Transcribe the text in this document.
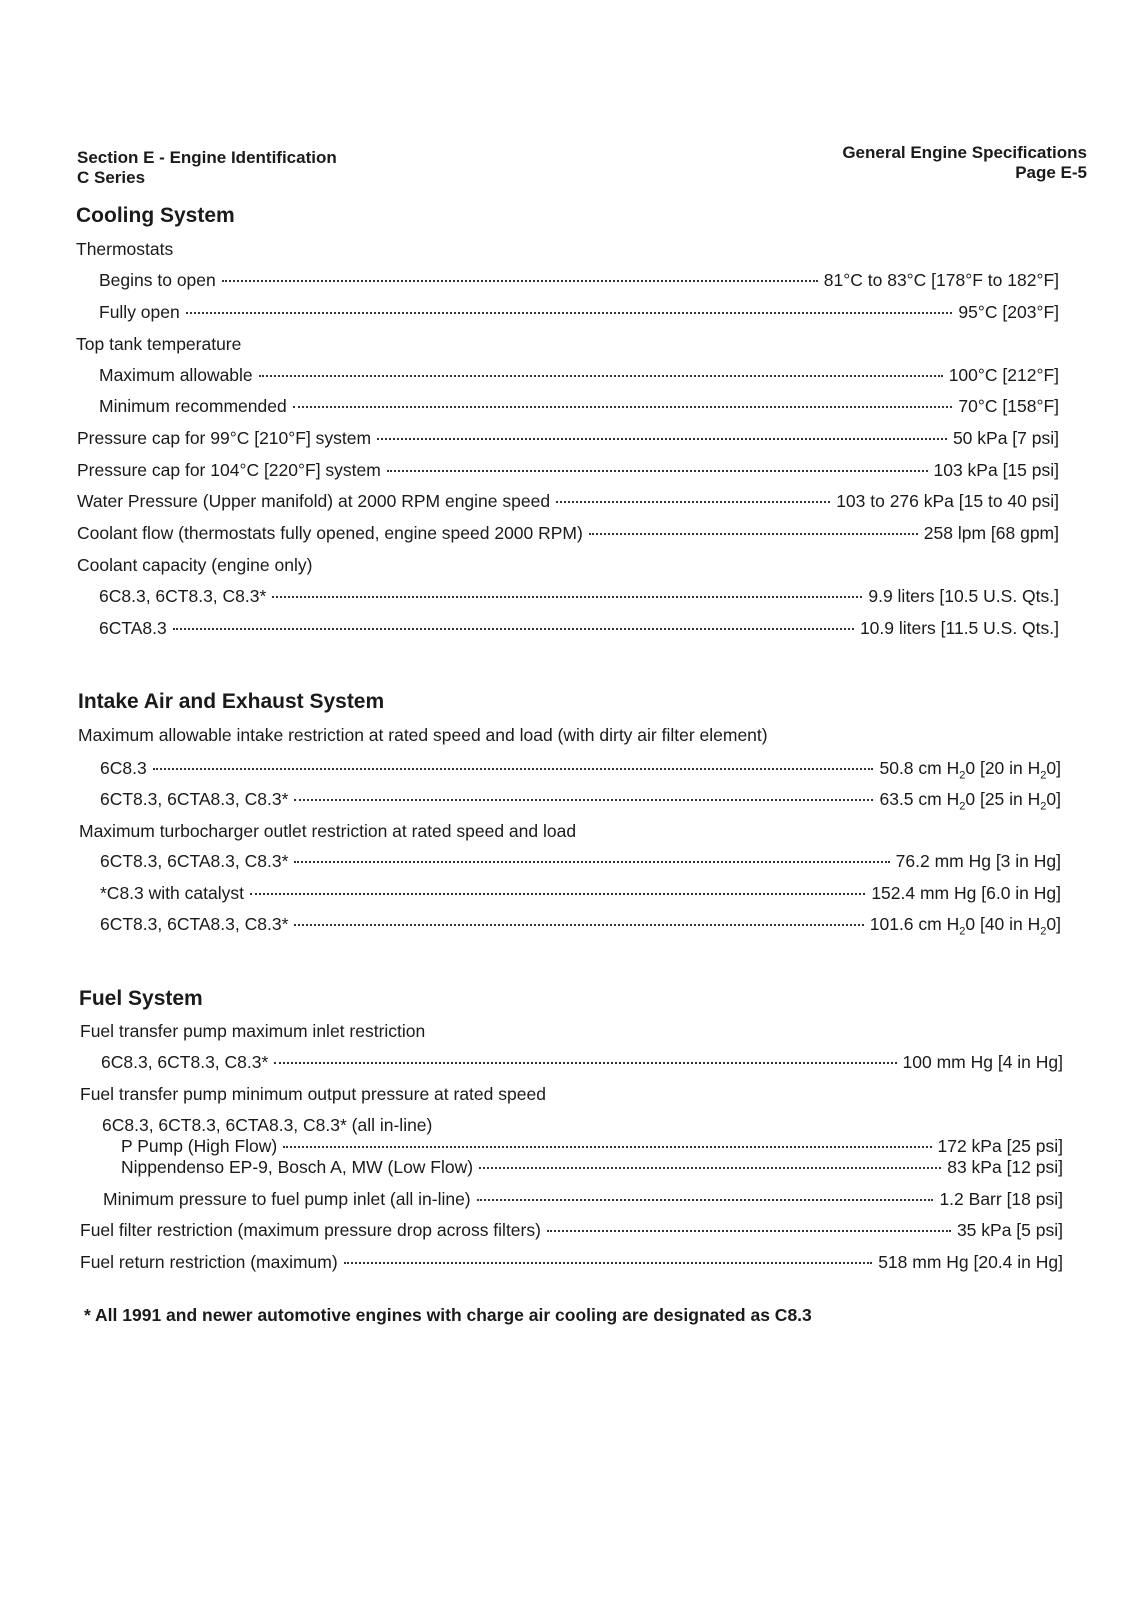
Section E - Engine Identification
C Series
General Engine Specifications
Page E-5
Cooling System
Thermostats
Begins to open	81°C to 83°C [178°F to 182°F]
Fully open	95°C [203°F]
Top tank temperature
Maximum allowable	100°C [212°F]
Minimum recommended	70°C [158°F]
Pressure cap for 99°C [210°F] system	50 kPa [7 psi]
Pressure cap for 104°C [220°F] system	103 kPa [15 psi]
Water Pressure (Upper manifold) at 2000 RPM engine speed	103 to 276 kPa [15 to 40 psi]
Coolant flow (thermostats fully opened, engine speed 2000 RPM)	258 lpm [68 gpm]
Coolant capacity (engine only)
6C8.3, 6CT8.3, C8.3*	9.9 liters [10.5 U.S. Qts.]
6CTA8.3	10.9 liters [11.5 U.S. Qts.]
Intake Air and Exhaust System
Maximum allowable intake restriction at rated speed and load (with dirty air filter element)
6C8.3	50.8 cm $H_20$ [20 in $H_20$]
6CT8.3, 6CTA8.3, C8.3*	63.5 cm $H_20$ [25 in $H_20$]
Maximum turbocharger outlet restriction at rated speed and load
6CT8.3, 6CTA8.3, C8.3*	76.2 mm Hg [3 in Hg]
*C8.3 with catalyst	152.4 mm Hg [6.0 in Hg]
6CT8.3, 6CTA8.3, C8.3*	101.6 cm $H_20$ [40 in $H_20$]
Fuel System
Fuel transfer pump maximum inlet restriction
6C8.3, 6CT8.3, C8.3*	100 mm Hg [4 in Hg]
Fuel transfer pump minimum output pressure at rated speed
6C8.3, 6CT8.3, 6CTA8.3, C8.3* (all in-line)
P Pump (High Flow)	172 kPa [25 psi]
Nippendenso EP-9, Bosch A, MW (Low Flow)	83 kPa [12 psi]
Minimum pressure to fuel pump inlet (all in-line)	1.2 Barr [18 psi]
Fuel filter restriction (maximum pressure drop across filters)	35 kPa [5 psi]
Fuel return restriction (maximum)	518 mm Hg [20.4 in Hg]
* All 1991 and newer automotive engines with charge air cooling are designated as C8.3
